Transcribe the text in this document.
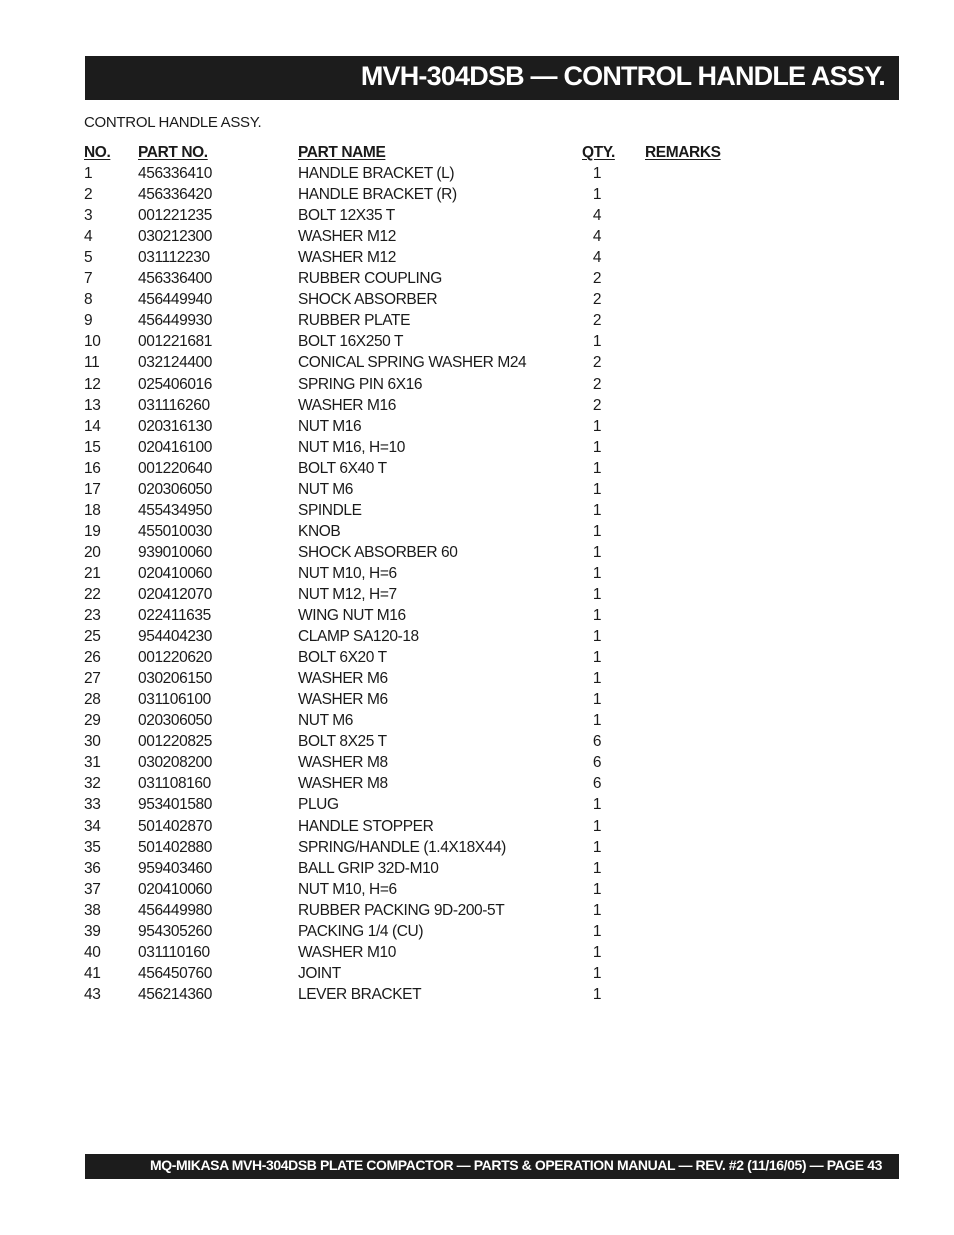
MVH-304DSB — CONTROL HANDLE ASSY.
CONTROL HANDLE ASSY.
NO. PART NO.	PART NAME	QTY. REMARKS
1	456336410	HANDLE BRACKET (L)	1
2	456336420	HANDLE BRACKET (R)	1
3	001221235	BOLT 12X35 T	4
4	030212300	WASHER M12	4
5	031112230	WASHER M12	4
7	456336400	RUBBER COUPLING	2
8	456449940	SHOCK ABSORBER	2
9	456449930	RUBBER PLATE	2
10 001221681	BOLT 16X250 T	1
11 032124400	CONICAL SPRING WASHER M24	2
12 025406016	SPRING PIN 6X16	2
13 031116260	WASHER M16	2
14 020316130	NUT M16	1
15 020416100	NUT M16, H=10	1
16 001220640	BOLT 6X40 T	1
17 020306050	NUT M6	1
18 455434950	SPINDLE	1
19 455010030	KNOB	1
20 939010060	SHOCK ABSORBER 60	1
21 020410060	NUT M10, H=6	1
22 020412070	NUT M12, H=7	1
23 022411635	WING NUT M16	1
25 954404230	CLAMP SA120-18	1
26 001220620	BOLT 6X20 T	1
27 030206150	WASHER M6	1
28 031106100	WASHER M6	1
29 020306050	NUT M6	1
30 001220825	BOLT 8X25 T	6
31 030208200	WASHER M8	6
32 031108160	WASHER M8	6
33 953401580	PLUG	1
34 501402870	HANDLE STOPPER	1
35 501402880	SPRING/HANDLE (1.4X18X44)	1
36 959403460	BALL GRIP 32D-M10	1
37 020410060	NUT M10, H=6	1
38 456449980	RUBBER PACKING 9D-200-5T	1
39 954305260	PACKING 1/4 (CU)	1
40 031110160	WASHER M10	1
41 456450760	JOINT	1
43 456214360	LEVER BRACKET	1
MQ-MIKASA MVH-304DSB PLATE COMPACTOR — PARTS & OPERATION MANUAL — REV. #2 (11/16/05) — PAGE 43
